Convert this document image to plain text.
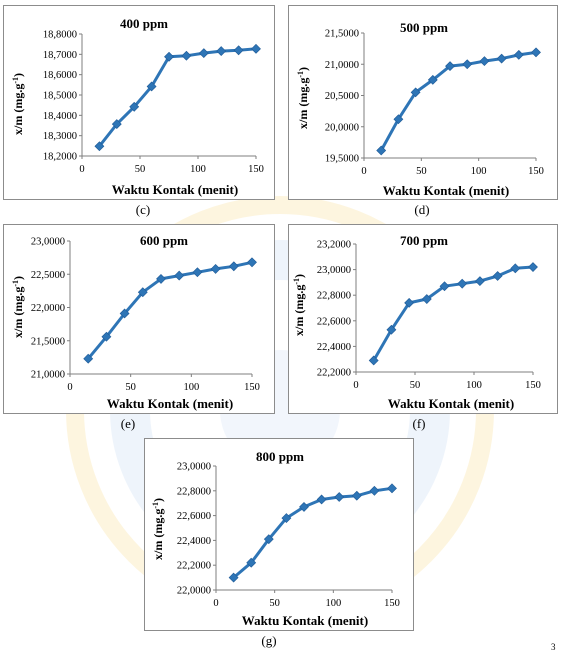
400 ppm
x/m $(mg.g^{-1})$
Waktu Kontak (menit)
18,2000
18,3000
18,4000
18,5000
18,6000
18,7000
18,8000
0	50	100	150
500 ppm
x/m $(mg.g^{-1})$
Waktu Kontak (menit)
19,5000
20,0000
20,5000
21,0000
21,5000
0	50	100	150
600 ppm
x/m $(mg.g^{-1})$
Waktu Kontak (menit)
21,0000
21,5000
22,0000
22,5000
23,0000
0	50	100	150
700 ppm
x/m $(mg.g^{-1})$
Waktu Kontak (menit)
22,2000
22,4000
22,6000
22,8000
23,0000
23,2000
0	50	100	150
800 ppm
x/m $(mg.g^{-1})$
Waktu Kontak (menit)
22,0000
22,2000
22,4000
22,6000
22,8000
23,0000
0	50	100	150
(c)	(d)
(e)	(f)
(g)	3
